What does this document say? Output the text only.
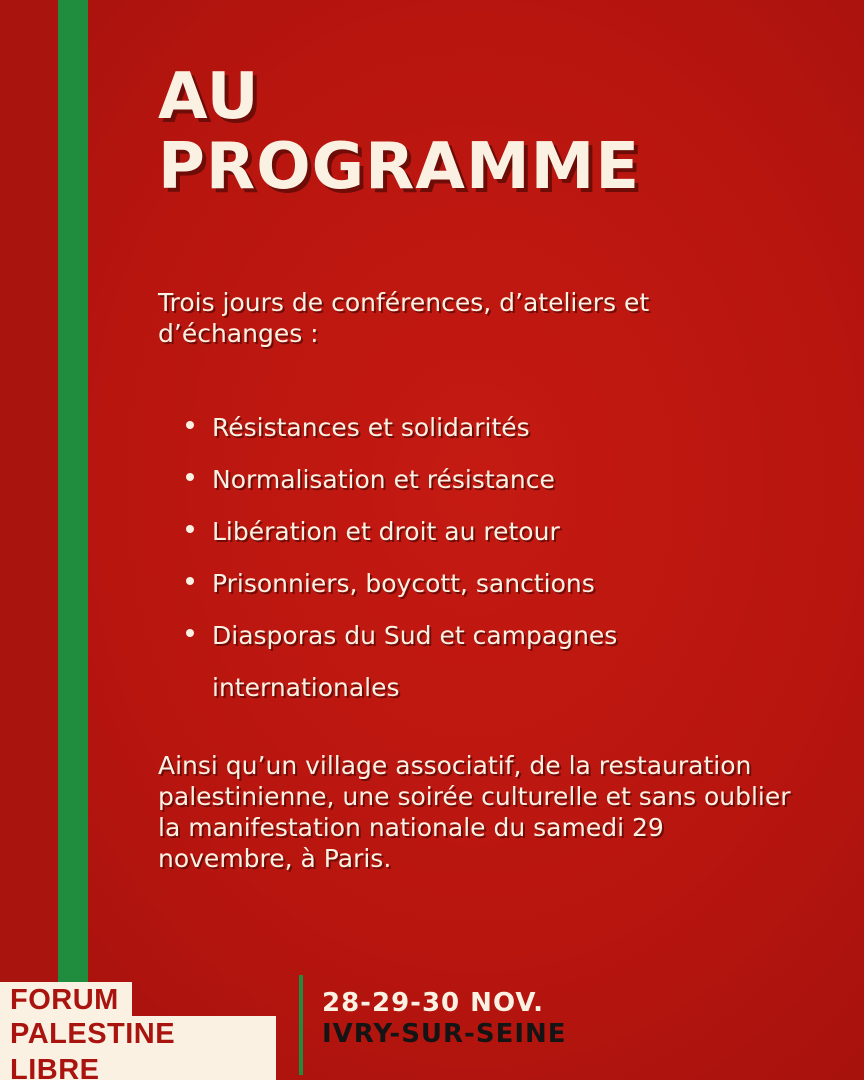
AU
PROGRAMME

Trois jours de conférences, d’ateliers et d’échanges :

Résistances et solidarités
Normalisation et résistance
Libération et droit au retour
Prisonniers, boycott, sanctions
Diasporas du Sud et campagnes
internationales

Ainsi qu’un village associatif, de la restauration palestinienne, une soirée culturelle et sans oublier la manifestation nationale du samedi 29 novembre, à Paris.

FORUM
PALESTINE LIBRE
28-29-30 NOV.
IVRY-SUR-SEINE
